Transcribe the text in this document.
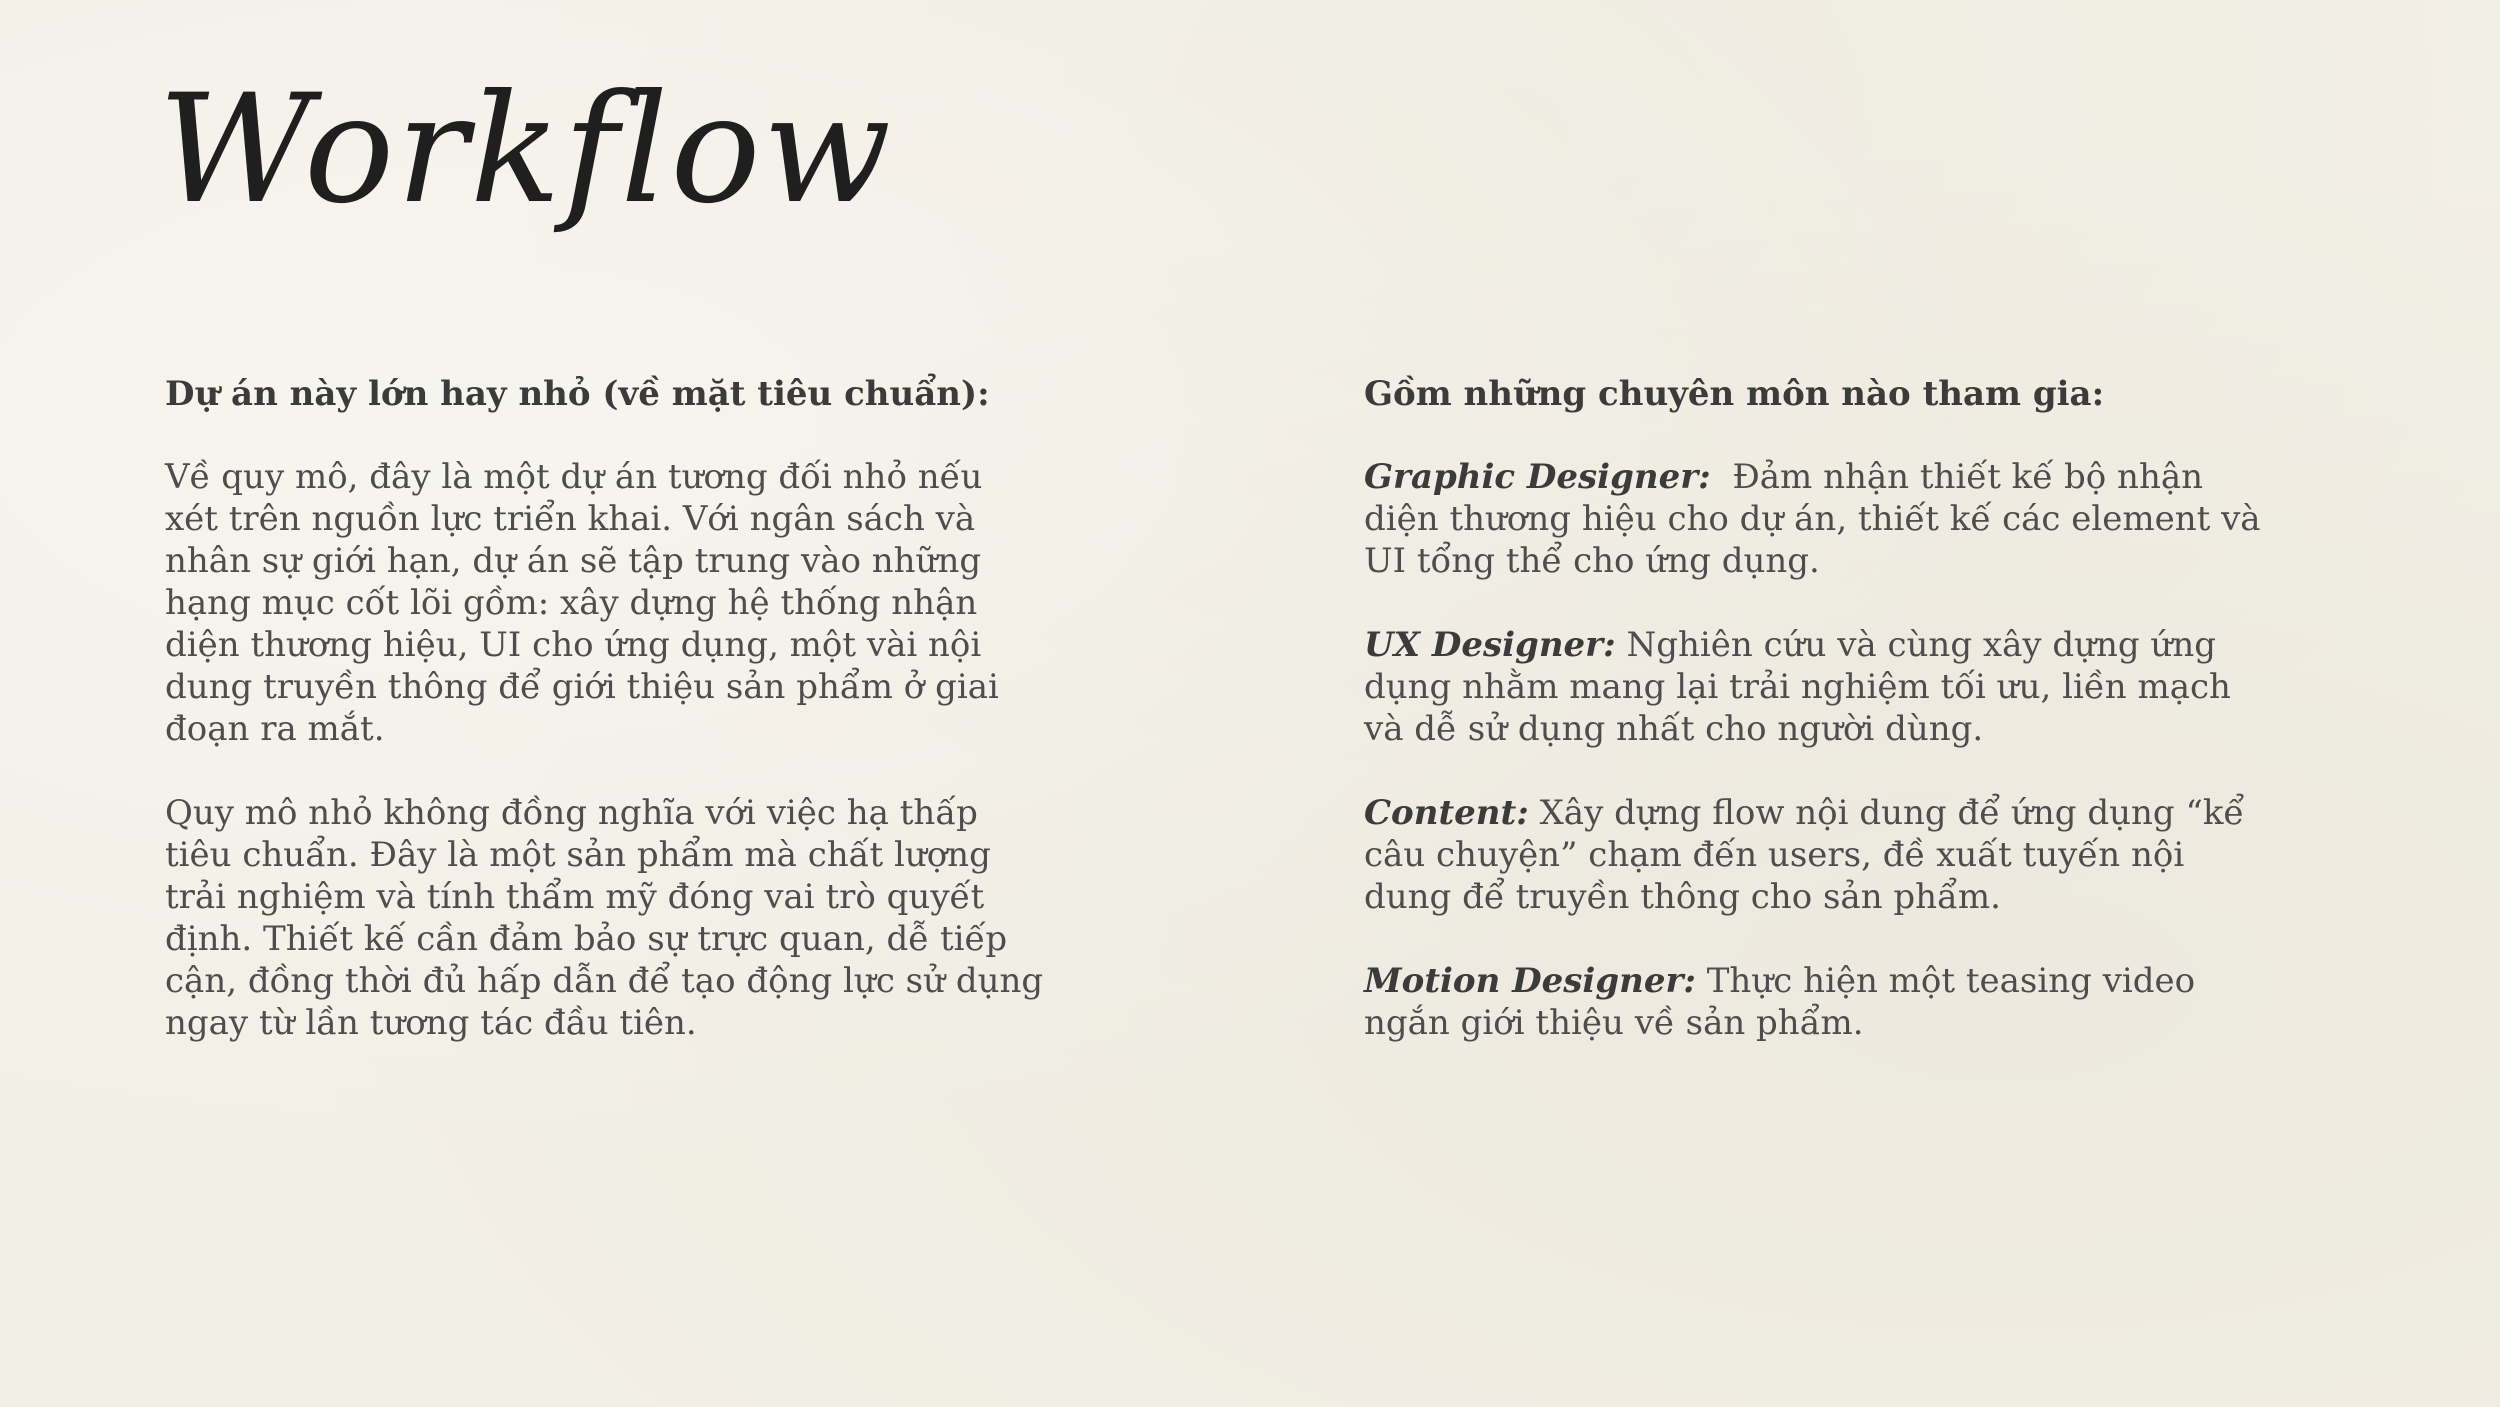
Workflow

Dự án này lớn hay nhỏ (về mặt tiêu chuẩn):

Về quy mô, đây là một dự án tương đối nhỏ nếu xét trên nguồn lực triển khai. Với ngân sách và nhân sự giới hạn, dự án sẽ tập trung vào những hạng mục cốt lõi gồm: xây dựng hệ thống nhận diện thương hiệu, UI cho ứng dụng, một vài nội dung truyền thông để giới thiệu sản phẩm ở giai đoạn ra mắt.

Quy mô nhỏ không đồng nghĩa với việc hạ thấp tiêu chuẩn. Đây là một sản phẩm mà chất lượng trải nghiệm và tính thẩm mỹ đóng vai trò quyết định. Thiết kế cần đảm bảo sự trực quan, dễ tiếp cận, đồng thời đủ hấp dẫn để tạo động lực sử dụng ngay từ lần tương tác đầu tiên.

Gồm những chuyên môn nào tham gia:

Graphic Designer: Đảm nhận thiết kế bộ nhận diện thương hiệu cho dự án, thiết kế các element và UI tổng thể cho ứng dụng.

UX Designer: Nghiên cứu và cùng xây dựng ứng dụng nhằm mang lại trải nghiệm tối ưu, liền mạch và dễ sử dụng nhất cho người dùng.

Content: Xây dựng flow nội dung để ứng dụng “kể câu chuyện” chạm đến users, đề xuất tuyến nội dung để truyền thông cho sản phẩm.

Motion Designer: Thực hiện một teasing video ngắn giới thiệu về sản phẩm.
